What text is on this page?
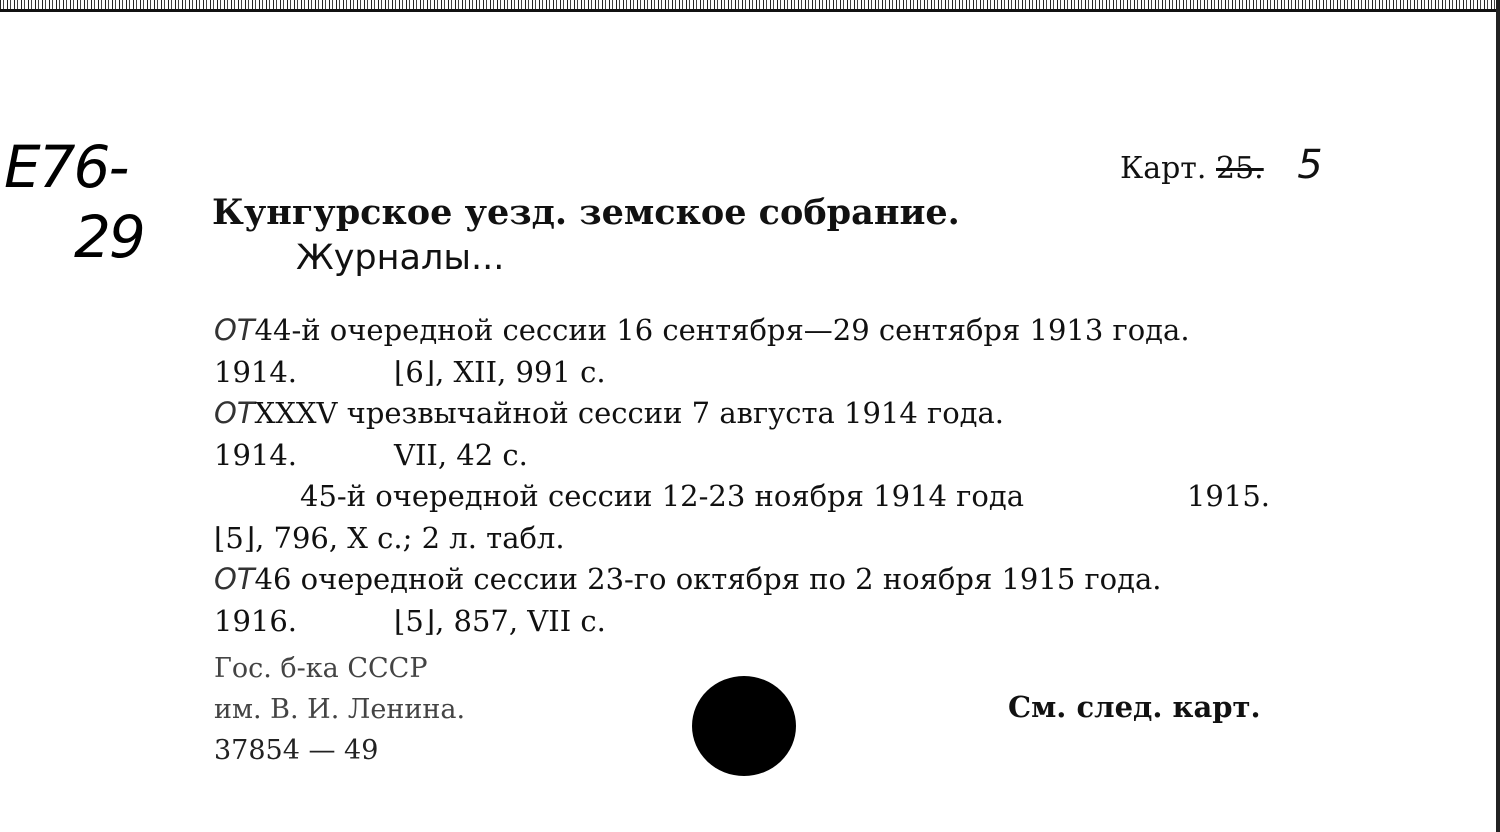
E76-
29
Карт. 25. 5
Кунгурское уезд. земское собрание.
Журналы...
ОТ44-й очередной сессии 16 сентября—29 сентября 1913 года.
1914.	⌊6⌋, XII, 991 с.
ОТXXXV чрезвычайной сессии 7 августа 1914 года.
1914.	VII, 42 с.
45-й очередной сессии 12-23 ноября 1914 года	1915.
⌊5⌋, 796, X с.; 2 л. табл.
ОТ46 очередной сессии 23-го октября по 2 ноября 1915 года.
1916.	⌊5⌋, 857, VII с.
Гос. б-ка СССР
им. В. И. Ленина.
37854 — 49
См. след. карт.
